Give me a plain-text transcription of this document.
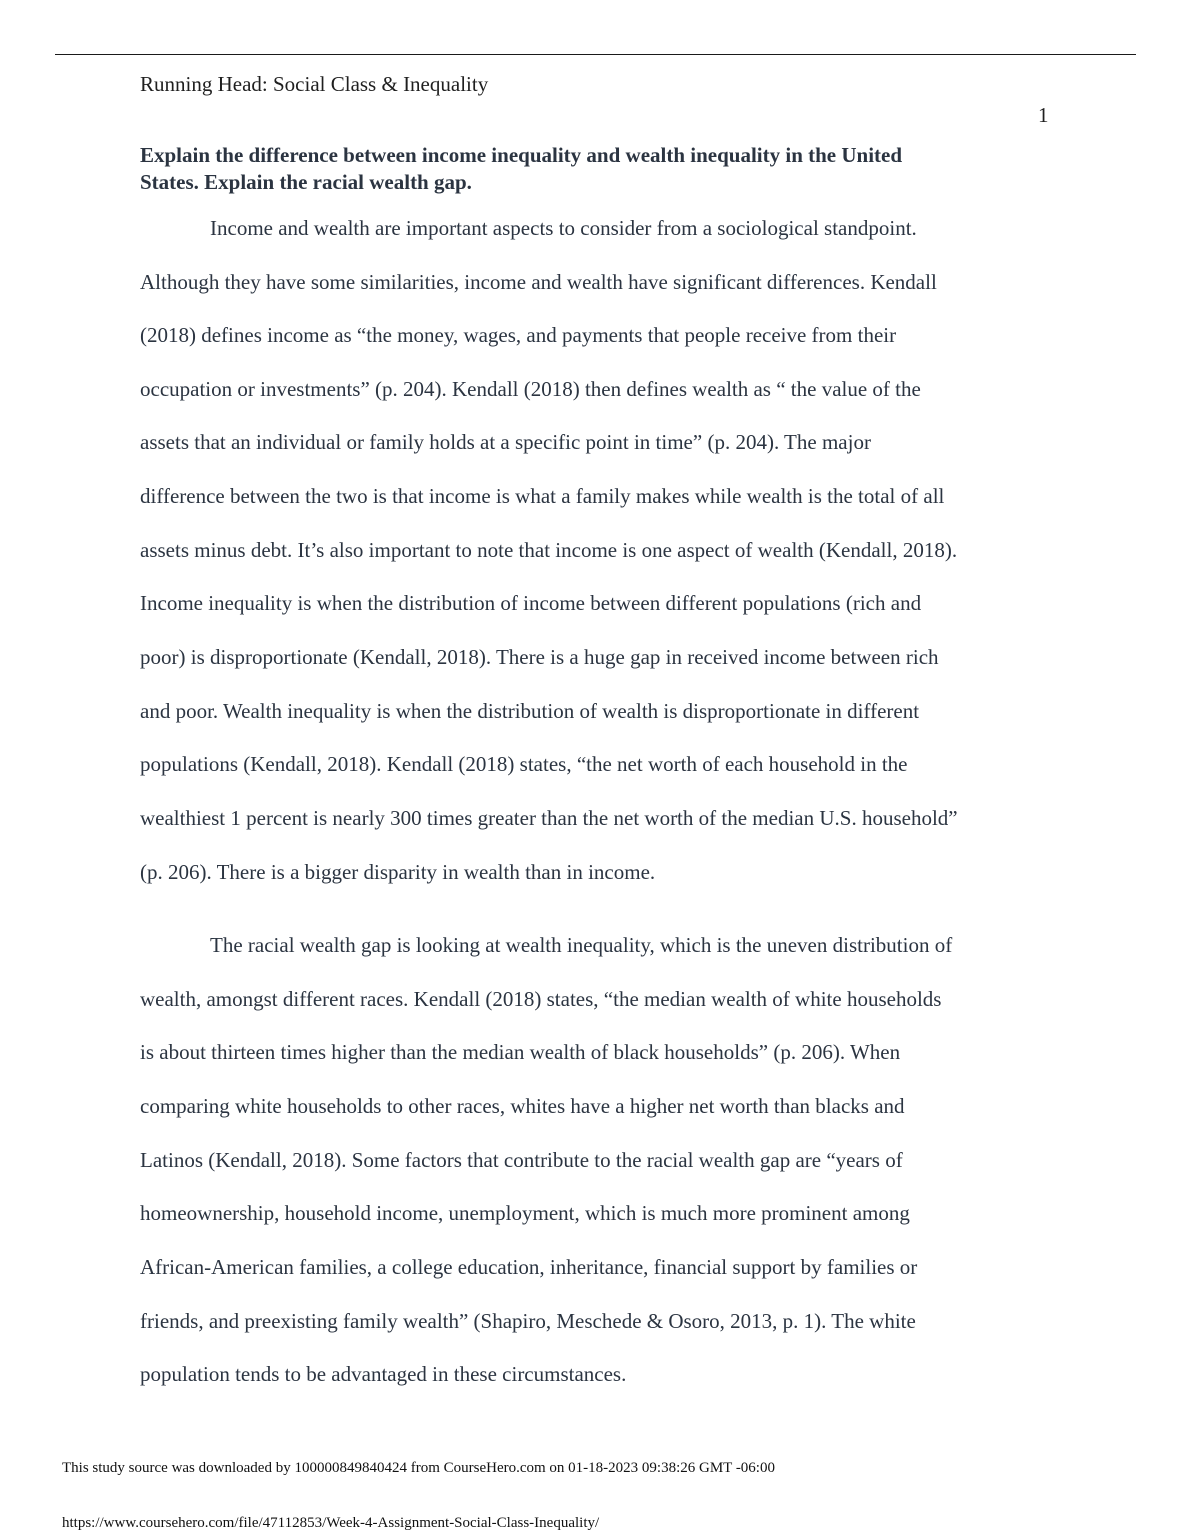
Running Head: Social Class & Inequality
1
Explain the difference between income inequality and wealth inequality in the United
States. Explain the racial wealth gap.
Income and wealth are important aspects to consider from a sociological standpoint.
Although they have some similarities, income and wealth have significant differences. Kendall
(2018) defines income as “the money, wages, and payments that people receive from their
occupation or investments” (p. 204). Kendall (2018) then defines wealth as “ the value of the
assets that an individual or family holds at a specific point in time” (p. 204). The major
difference between the two is that income is what a family makes while wealth is the total of all
assets minus debt. It’s also important to note that income is one aspect of wealth (Kendall, 2018).
Income inequality is when the distribution of income between different populations (rich and
poor) is disproportionate (Kendall, 2018). There is a huge gap in received income between rich
and poor. Wealth inequality is when the distribution of wealth is disproportionate in different
populations (Kendall, 2018). Kendall (2018) states, “the net worth of each household in the
wealthiest 1 percent is nearly 300 times greater than the net worth of the median U.S. household”
(p. 206). There is a bigger disparity in wealth than in income.
The racial wealth gap is looking at wealth inequality, which is the uneven distribution of
wealth, amongst different races. Kendall (2018) states, “the median wealth of white households
is about thirteen times higher than the median wealth of black households” (p. 206). When
comparing white households to other races, whites have a higher net worth than blacks and
Latinos (Kendall, 2018). Some factors that contribute to the racial wealth gap are “years of
homeownership, household income, unemployment, which is much more prominent among
African-American families, a college education, inheritance, financial support by families or
friends, and preexisting family wealth” (Shapiro, Meschede & Osoro, 2013, p. 1). The white
population tends to be advantaged in these circumstances.
This study source was downloaded by 100000849840424 from CourseHero.com on 01-18-2023 09:38:26 GMT -06:00
https://www.coursehero.com/file/47112853/Week-4-Assignment-Social-Class-Inequality/
